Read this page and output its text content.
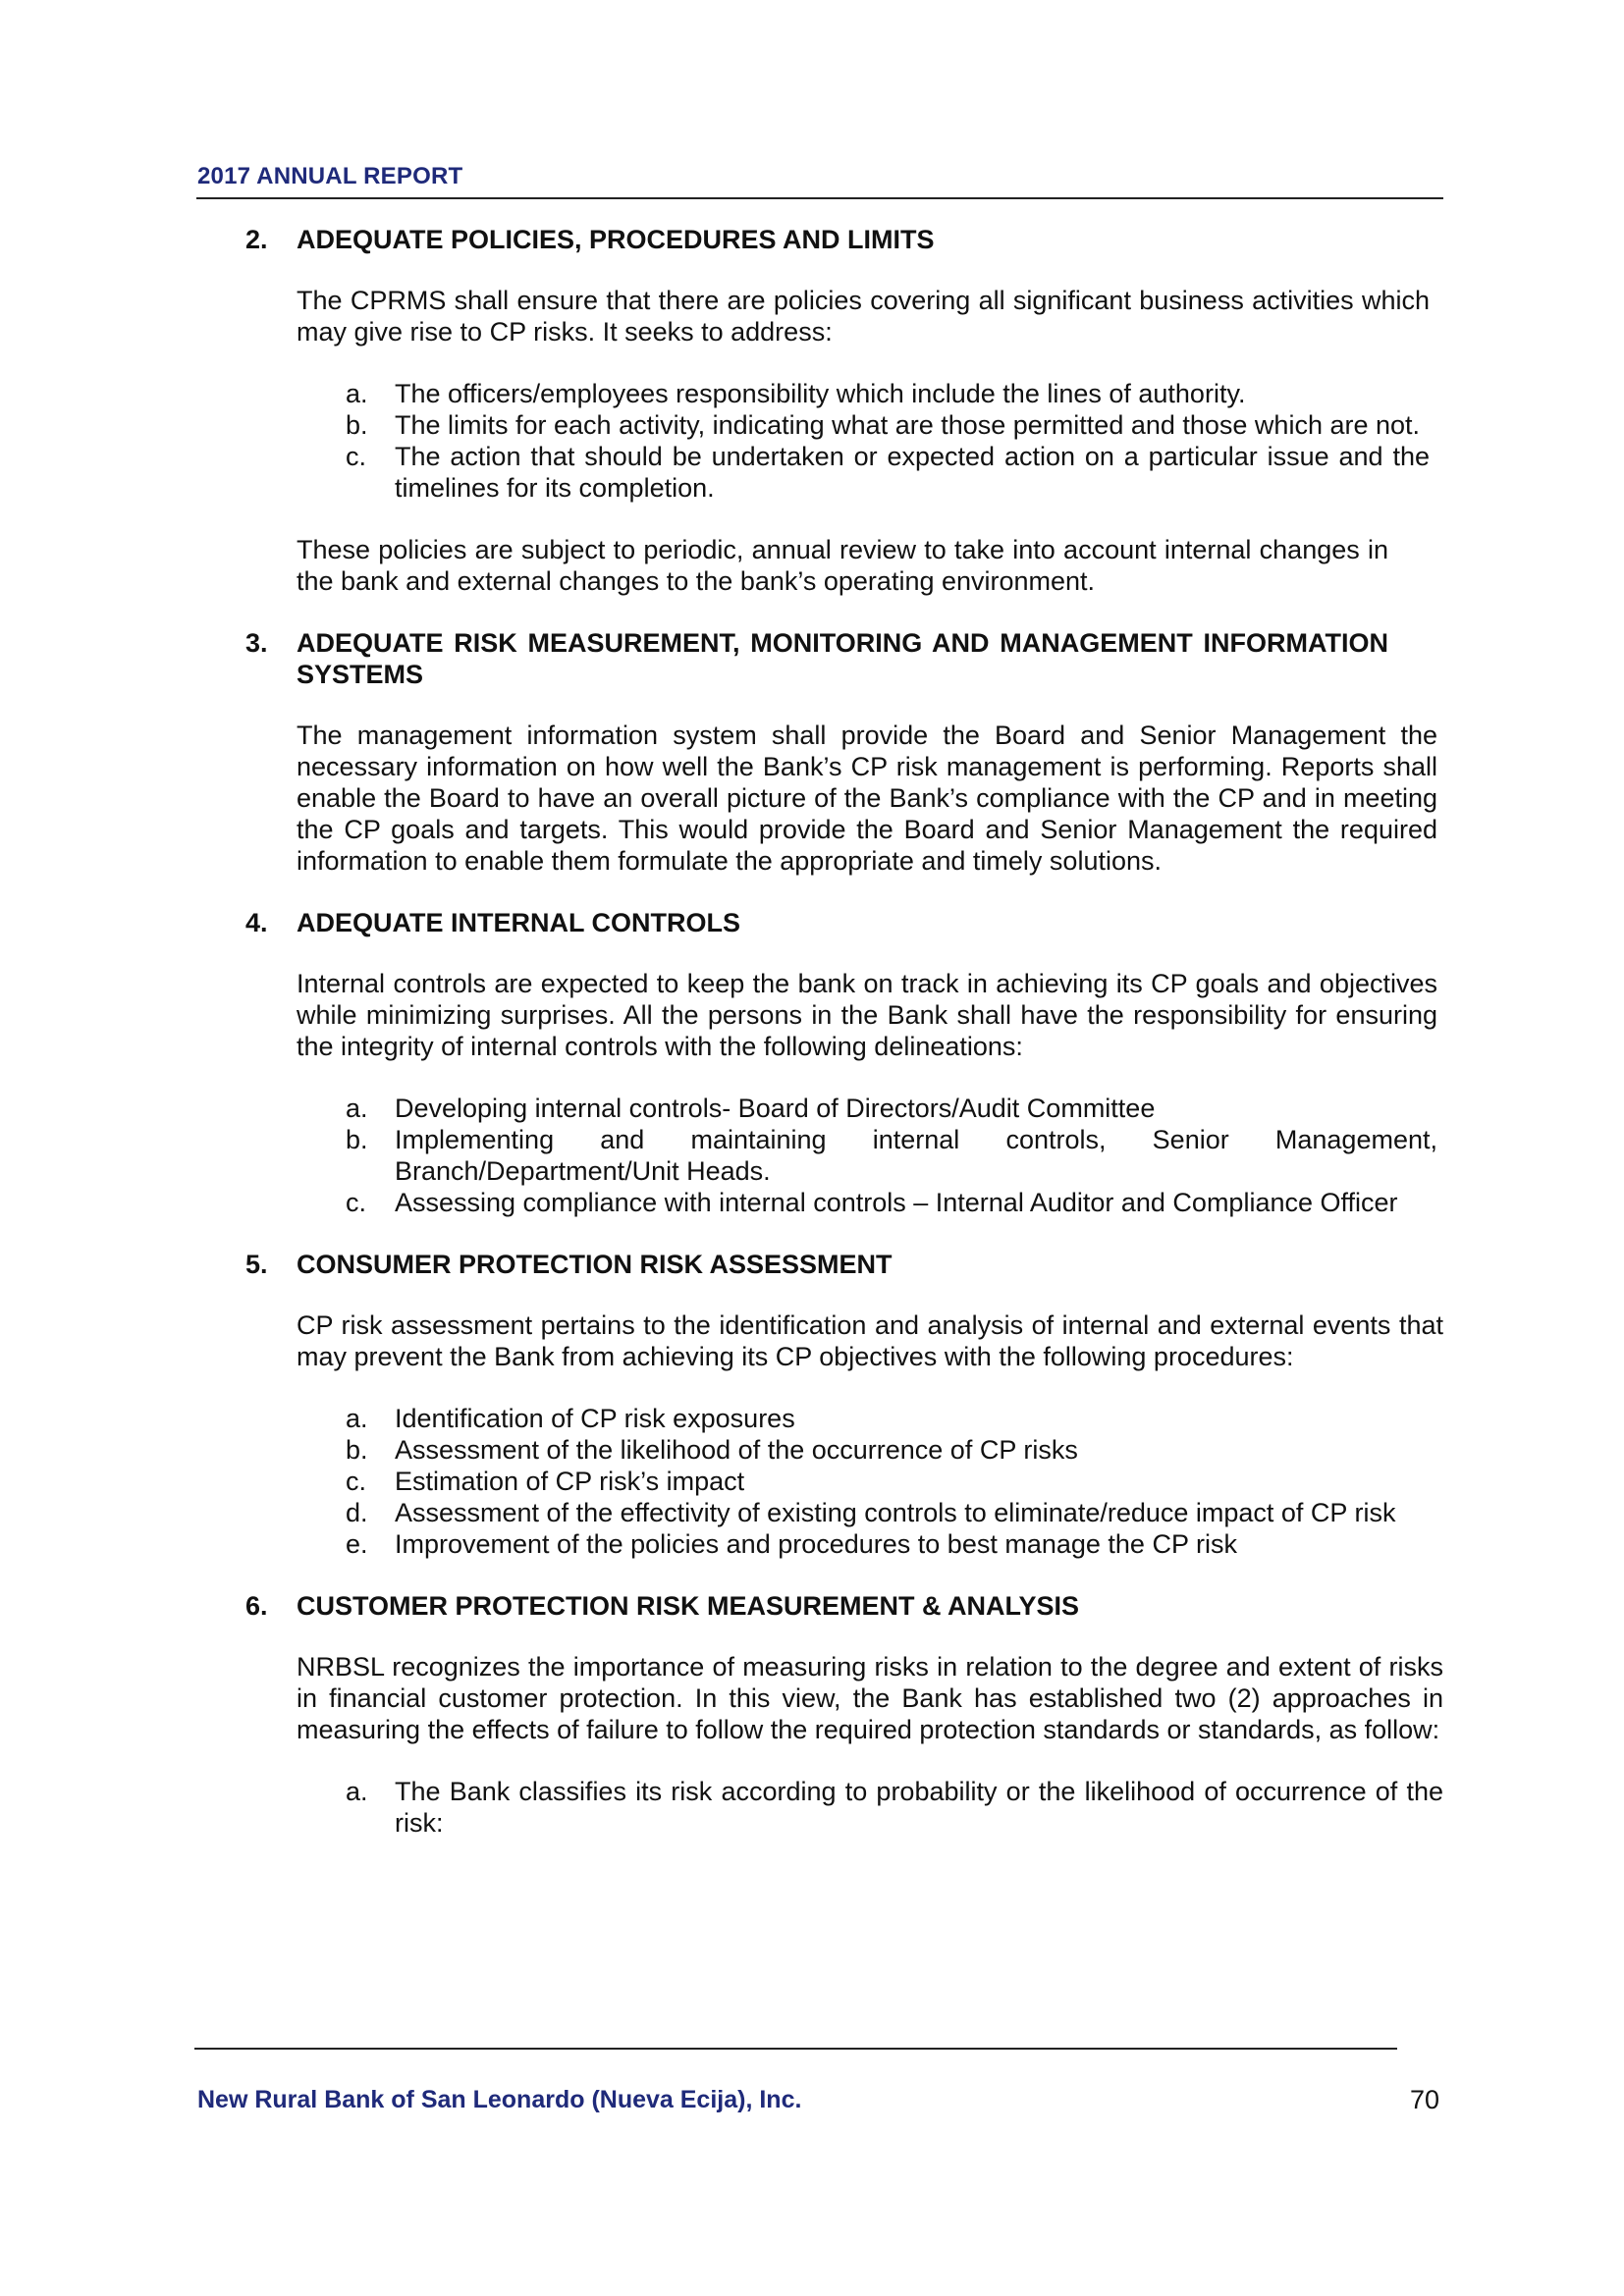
2017 ANNUAL REPORT
2.	ADEQUATE POLICIES, PROCEDURES AND LIMITS

The CPRMS shall ensure that there are policies covering all significant business activities which may give rise to CP risks. It seeks to address:

a.	The officers/employees responsibility which include the lines of authority.
b.	The limits for each activity, indicating what are those permitted and those which are not.
c.	The action that should be undertaken or expected action on a particular issue and the timelines for its completion.

These policies are subject to periodic, annual review to take into account internal changes in the bank and external changes to the bank’s operating environment.

3.	ADEQUATE RISK MEASUREMENT, MONITORING AND MANAGEMENT INFORMATION SYSTEMS

The management information system shall provide the Board and Senior Management the necessary information on how well the Bank’s CP risk management is performing. Reports shall enable the Board to have an overall picture of the Bank’s compliance with the CP and in meeting the CP goals and targets. This would provide the Board and Senior Management the required information to enable them formulate the appropriate and timely solutions.

4.	ADEQUATE INTERNAL CONTROLS

Internal controls are expected to keep the bank on track in achieving its CP goals and objectives while minimizing surprises. All the persons in the Bank shall have the responsibility for ensuring the integrity of internal controls with the following delineations:

a.	Developing internal controls- Board of Directors/Audit Committee
b.	Implementing and maintaining internal controls, Senior Management, Branch/Department/Unit Heads.
c.	Assessing compliance with internal controls – Internal Auditor and Compliance Officer
5.	CONSUMER PROTECTION RISK ASSESSMENT

CP risk assessment pertains to the identification and analysis of internal and external events that may prevent the Bank from achieving its CP objectives with the following procedures:

a.	Identification of CP risk exposures
b.	Assessment of the likelihood of the occurrence of CP risks
c.	Estimation of CP risk’s impact
d.	Assessment of the effectivity of existing controls to eliminate/reduce impact of CP risk
e.	Improvement of the policies and procedures to best manage the CP risk
6.	CUSTOMER PROTECTION RISK MEASUREMENT & ANALYSIS

NRBSL recognizes the importance of measuring risks in relation to the degree and extent of risks in financial customer protection. In this view, the Bank has established two (2) approaches in measuring the effects of failure to follow the required protection standards or standards, as follow:

a.	The Bank classifies its risk according to probability or the likelihood of occurrence of the risk:
New Rural Bank of San Leonardo (Nueva Ecija), Inc.	70
